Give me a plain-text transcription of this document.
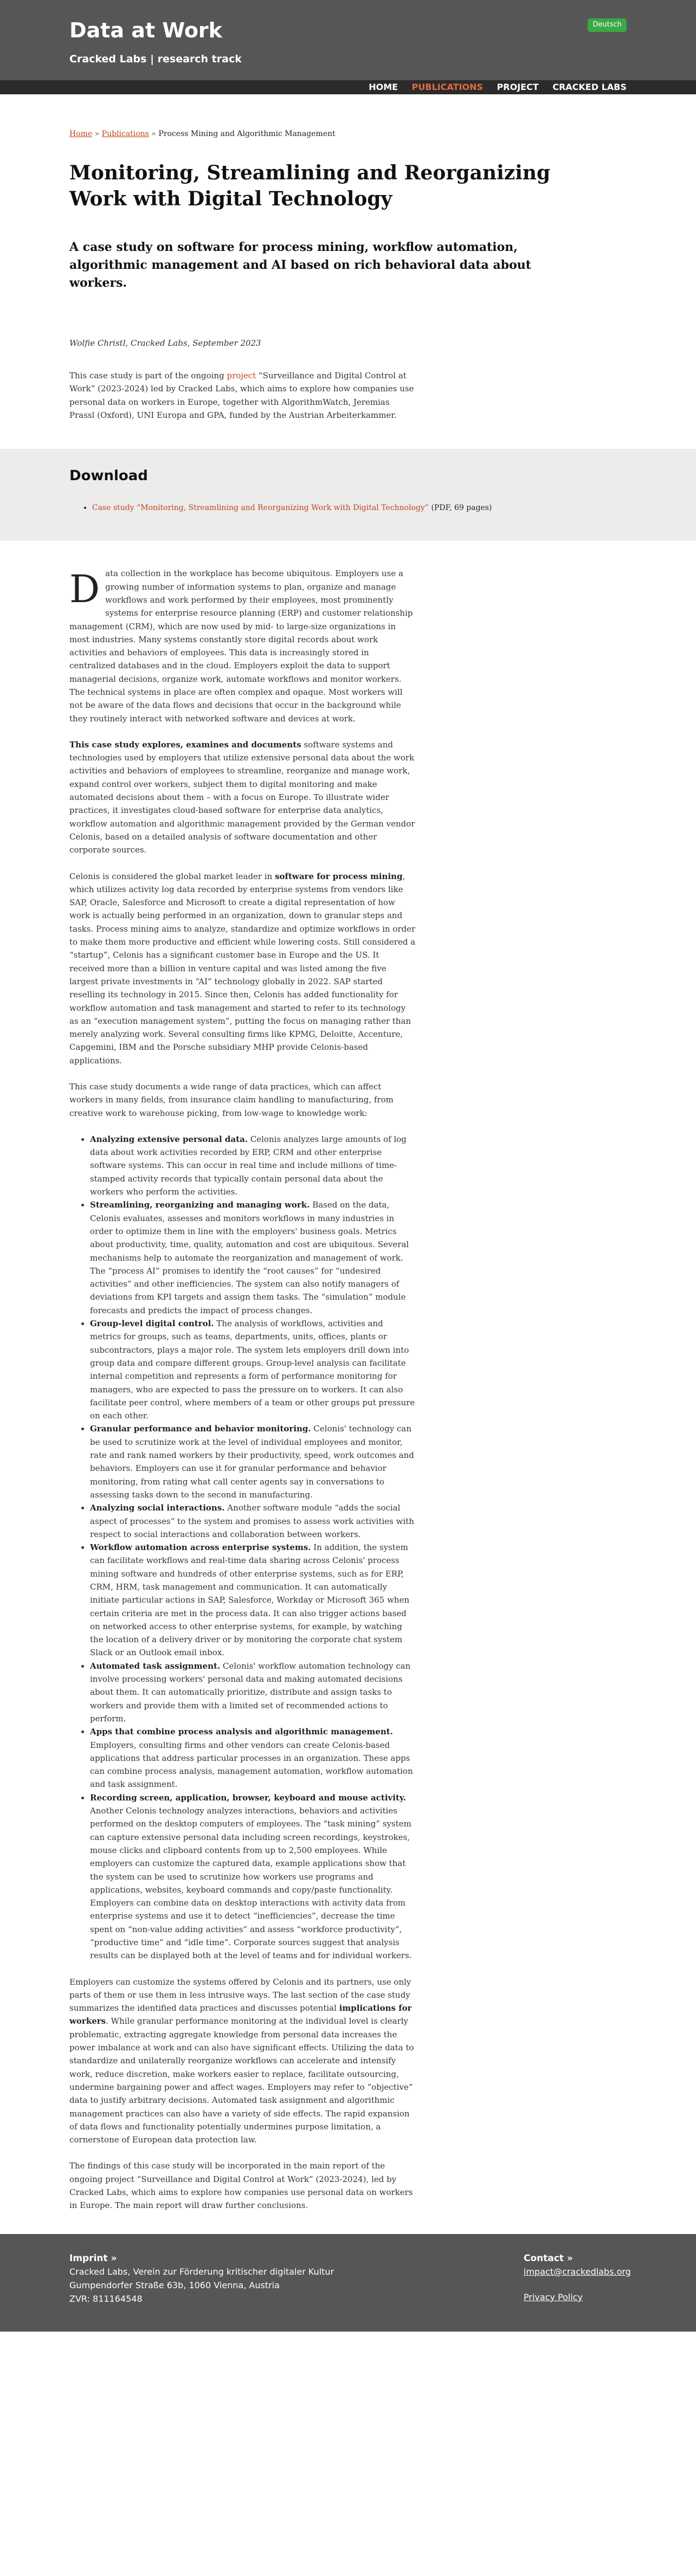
Data at Work
Cracked Labs | research track
Deutsch
HOME PUBLICATIONS PROJECT CRACKED LABS
Home » Publications » Process Mining and Algorithmic Management
Monitoring, Streamlining and Reorganizing Work with Digital Technology

A case study on software for process mining, workflow automation, algorithmic management and AI based on rich behavioral data about workers.

Wolfie Christl, Cracked Labs, September 2023

This case study is part of the ongoing project “Surveillance and Digital Control at Work” (2023-2024) led by Cracked Labs, which aims to explore how companies use personal data on workers in Europe, together with AlgorithmWatch, Jeremias Prassl (Oxford), UNI Europa and GPA, funded by the Austrian Arbeiterkammer.

Download
• Case study “Monitoring, Streamlining and Reorganizing Work with Digital Technology” (PDF, 69 pages)

Data collection in the workplace has become ubiquitous. Employers use a growing number of information systems to plan, organize and manage workflows and work performed by their employees, most prominently systems for enterprise resource planning (ERP) and customer relationship management (CRM), which are now used by mid- to large-size organizations in most industries. Many systems constantly store digital records about work activities and behaviors of employees. This data is increasingly stored in centralized databases and in the cloud. Employers exploit the data to support managerial decisions, organize work, automate workflows and monitor workers. The technical systems in place are often complex and opaque. Most workers will not be aware of the data flows and decisions that occur in the background while they routinely interact with networked software and devices at work.

This case study explores, examines and documents software systems and technologies used by employers that utilize extensive personal data about the work activities and behaviors of employees to streamline, reorganize and manage work, expand control over workers, subject them to digital monitoring and make automated decisions about them – with a focus on Europe. To illustrate wider practices, it investigates cloud-based software for enterprise data analytics, workflow automation and algorithmic management provided by the German vendor Celonis, based on a detailed analysis of software documentation and other corporate sources.

Celonis is considered the global market leader in software for process mining, which utilizes activity log data recorded by enterprise systems from vendors like SAP, Oracle, Salesforce and Microsoft to create a digital representation of how work is actually being performed in an organization, down to granular steps and tasks. Process mining aims to analyze, standardize and optimize workflows in order to make them more productive and efficient while lowering costs. Still considered a “startup”, Celonis has a significant customer base in Europe and the US. It received more than a billion in venture capital and was listed among the five largest private investments in “AI” technology globally in 2022. SAP started reselling its technology in 2015. Since then, Celonis has added functionality for workflow automation and task management and started to refer to its technology as an “execution management system”, putting the focus on managing rather than merely analyzing work. Several consulting firms like KPMG, Deloitte, Accenture, Capgemini, IBM and the Porsche subsidiary MHP provide Celonis-based applications.

This case study documents a wide range of data practices, which can affect workers in many fields, from insurance claim handling to manufacturing, from creative work to warehouse picking, from low-wage to knowledge work:

• Analyzing extensive personal data. Celonis analyzes large amounts of log data about work activities recorded by ERP, CRM and other enterprise software systems. This can occur in real time and include millions of time-stamped activity records that typically contain personal data about the workers who perform the activities.
• Streamlining, reorganizing and managing work. Based on the data, Celonis evaluates, assesses and monitors workflows in many industries in order to optimize them in line with the employers' business goals. Metrics about productivity, time, quality, automation and cost are ubiquitous. Several mechanisms help to automate the reorganization and management of work. The “process AI” promises to identify the “root causes” for “undesired activities” and other inefficiencies. The system can also notify managers of deviations from KPI targets and assign them tasks. The “simulation” module forecasts and predicts the impact of process changes.
• Group-level digital control. The analysis of workflows, activities and metrics for groups, such as teams, departments, units, offices, plants or subcontractors, plays a major role. The system lets employers drill down into group data and compare different groups. Group-level analysis can facilitate internal competition and represents a form of performance monitoring for managers, who are expected to pass the pressure on to workers. It can also facilitate peer control, where members of a team or other groups put pressure on each other.
• Granular performance and behavior monitoring. Celonis' technology can be used to scrutinize work at the level of individual employees and monitor, rate and rank named workers by their productivity, speed, work outcomes and behaviors. Employers can use it for granular performance and behavior monitoring, from rating what call center agents say in conversations to assessing tasks down to the second in manufacturing.
• Analyzing social interactions. Another software module “adds the social aspect of processes” to the system and promises to assess work activities with respect to social interactions and collaboration between workers.
• Workflow automation across enterprise systems. In addition, the system can facilitate workflows and real-time data sharing across Celonis' process mining software and hundreds of other enterprise systems, such as for ERP, CRM, HRM, task management and communication. It can automatically initiate particular actions in SAP, Salesforce, Workday or Microsoft 365 when certain criteria are met in the process data. It can also trigger actions based on networked access to other enterprise systems, for example, by watching the location of a delivery driver or by monitoring the corporate chat system Slack or an Outlook email inbox.
• Automated task assignment. Celonis' workflow automation technology can involve processing workers' personal data and making automated decisions about them. It can automatically prioritize, distribute and assign tasks to workers and provide them with a limited set of recommended actions to perform.
• Apps that combine process analysis and algorithmic management. Employers, consulting firms and other vendors can create Celonis-based applications that address particular processes in an organization. These apps can combine process analysis, management automation, workflow automation and task assignment.
• Recording screen, application, browser, keyboard and mouse activity. Another Celonis technology analyzes interactions, behaviors and activities performed on the desktop computers of employees. The “task mining” system can capture extensive personal data including screen recordings, keystrokes, mouse clicks and clipboard contents from up to 2,500 employees. While employers can customize the captured data, example applications show that the system can be used to scrutinize how workers use programs and applications, websites, keyboard commands and copy/paste functionality. Employers can combine data on desktop interactions with activity data from enterprise systems and use it to detect “inefficiencies”, decrease the time spent on “non-value adding activities” and assess “workforce productivity”, “productive time” and “idle time”. Corporate sources suggest that analysis results can be displayed both at the level of teams and for individual workers.

Employers can customize the systems offered by Celonis and its partners, use only parts of them or use them in less intrusive ways. The last section of the case study summarizes the identified data practices and discusses potential implications for workers. While granular performance monitoring at the individual level is clearly problematic, extracting aggregate knowledge from personal data increases the power imbalance at work and can also have significant effects. Utilizing the data to standardize and unilaterally reorganize workflows can accelerate and intensify work, reduce discretion, make workers easier to replace, facilitate outsourcing, undermine bargaining power and affect wages. Employers may refer to “objective” data to justify arbitrary decisions. Automated task assignment and algorithmic management practices can also have a variety of side effects. The rapid expansion of data flows and functionality potentially undermines purpose limitation, a cornerstone of European data protection law.

The findings of this case study will be incorporated in the main report of the ongoing project “Surveillance and Digital Control at Work” (2023-2024), led by Cracked Labs, which aims to explore how companies use personal data on workers in Europe. The main report will draw further conclusions.

Imprint »
Cracked Labs, Verein zur Förderung kritischer digitaler Kultur
Gumpendorfer Straße 63b, 1060 Vienna, Austria
ZVR: 811164548
Contact »
impact@crackedlabs.org
Privacy Policy
